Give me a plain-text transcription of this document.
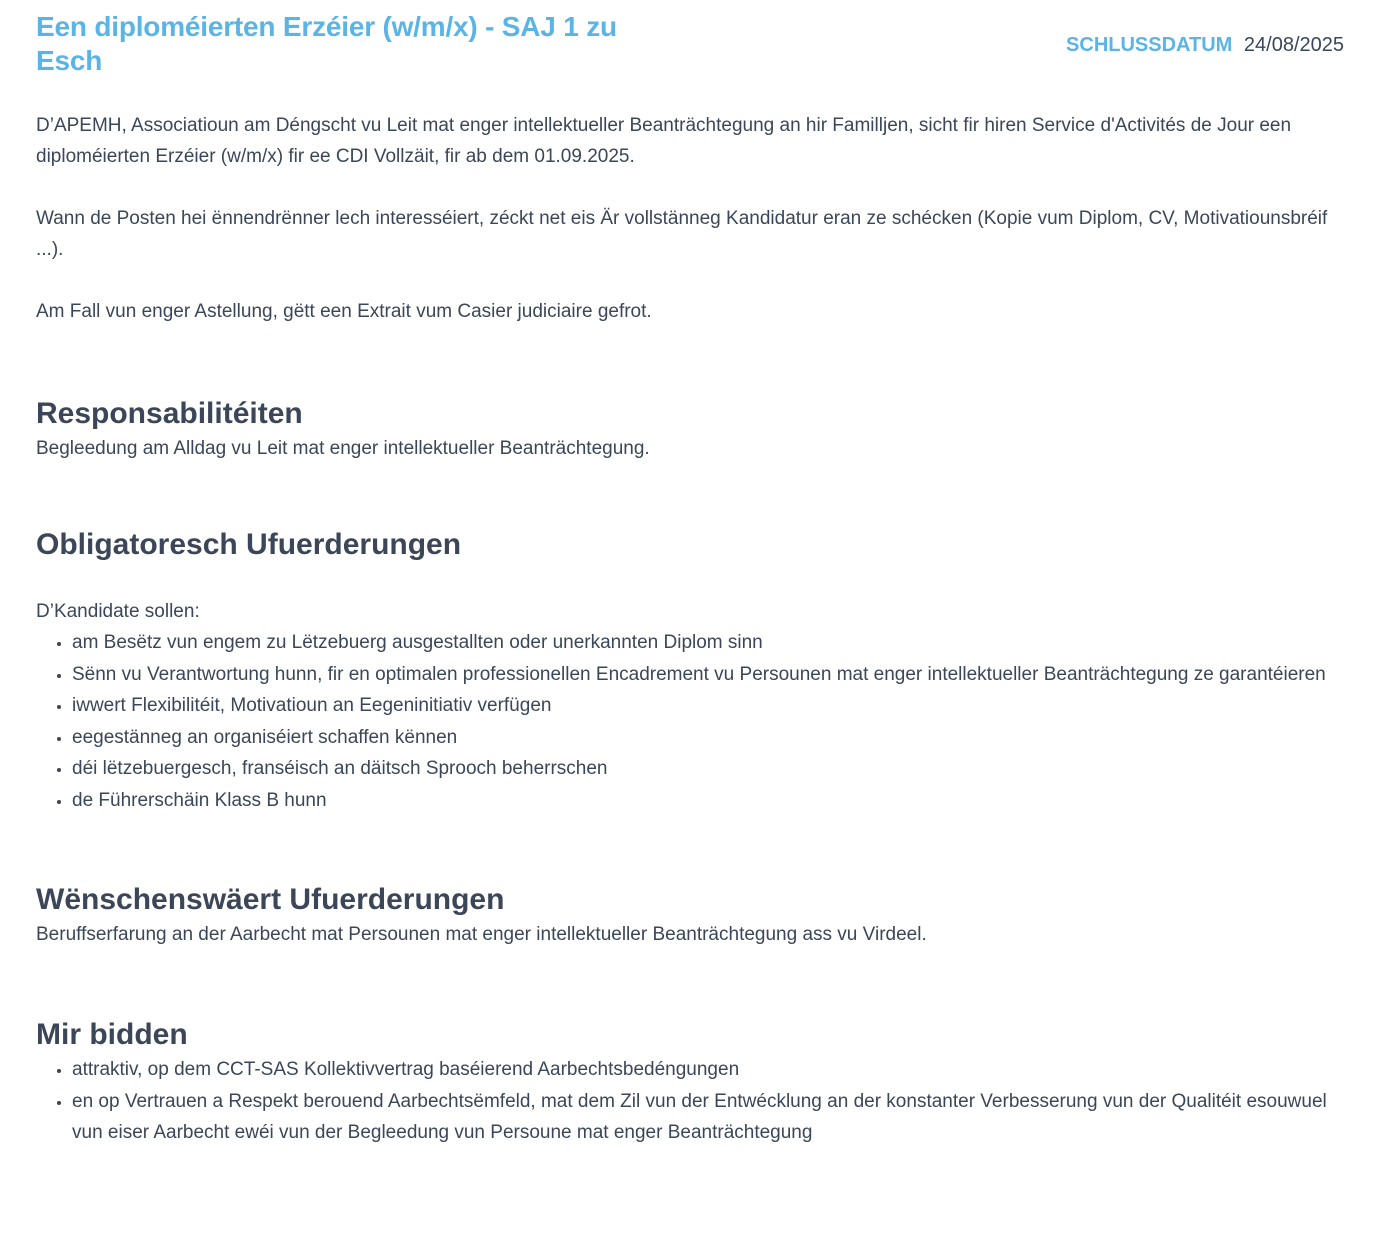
Een diploméierten Erzéier (w/m/x) - SAJ 1 zu Esch	SCHLUSSDATUM 24/08/2025

D’APEMH, Associatioun am Déngscht vu Leit mat enger intellektueller Beanträchtegung an hir Familljen, sicht fir hiren Service d'Activités de Jour een diploméierten Erzéier (w/m/x) fir ee CDI Vollzäit, fir ab dem 01.09.2025.

Wann de Posten hei ënnendrënner lech interesséiert, zéckt net eis Är vollstänneg Kandidatur eran ze schécken (Kopie vum Diplom, CV, Motivatiounsbréif ...).

Am Fall vun enger Astellung, gëtt een Extrait vum Casier judiciaire gefrot.

Responsabilitéiten

Begleedung am Alldag vu Leit mat enger intellektueller Beanträchtegung.

Obligatoresch Ufuerderungen

D’Kandidate sollen:

• am Besëtz vun engem zu Lëtzebuerg ausgestallten oder unerkannten Diplom sinn
• Sënn vu Verantwortung hunn, fir en optimalen professionellen Encadrement vu Persounen mat enger intellektueller Beanträchtegung ze garantéieren
• iwwert Flexibilitéit, Motivatioun an Eegeninitiativ verfügen
• eegestänneg an organiséiert schaffen kënnen
• déi lëtzebuergesch, franséisch an däitsch Sprooch beherrschen
• de Führerschäin Klass B hunn
Wënschenswäert Ufuerderungen

Beruffserfarung an der Aarbecht mat Persounen mat enger intellektueller Beanträchtegung ass vu Virdeel.

Mir bidden
• attraktiv, op dem CCT-SAS Kollektivvertrag baséierend Aarbechtsbedéngungen
• en op Vertrauen a Respekt berouend Aarbechtsëmfeld, mat dem Zil vun der Entwécklung an der konstanter Verbesserung vun der Qualitéit esouwuel vun eiser Aarbecht ewéi vun der Begleedung vun Persoune mat enger Beanträchtegung
